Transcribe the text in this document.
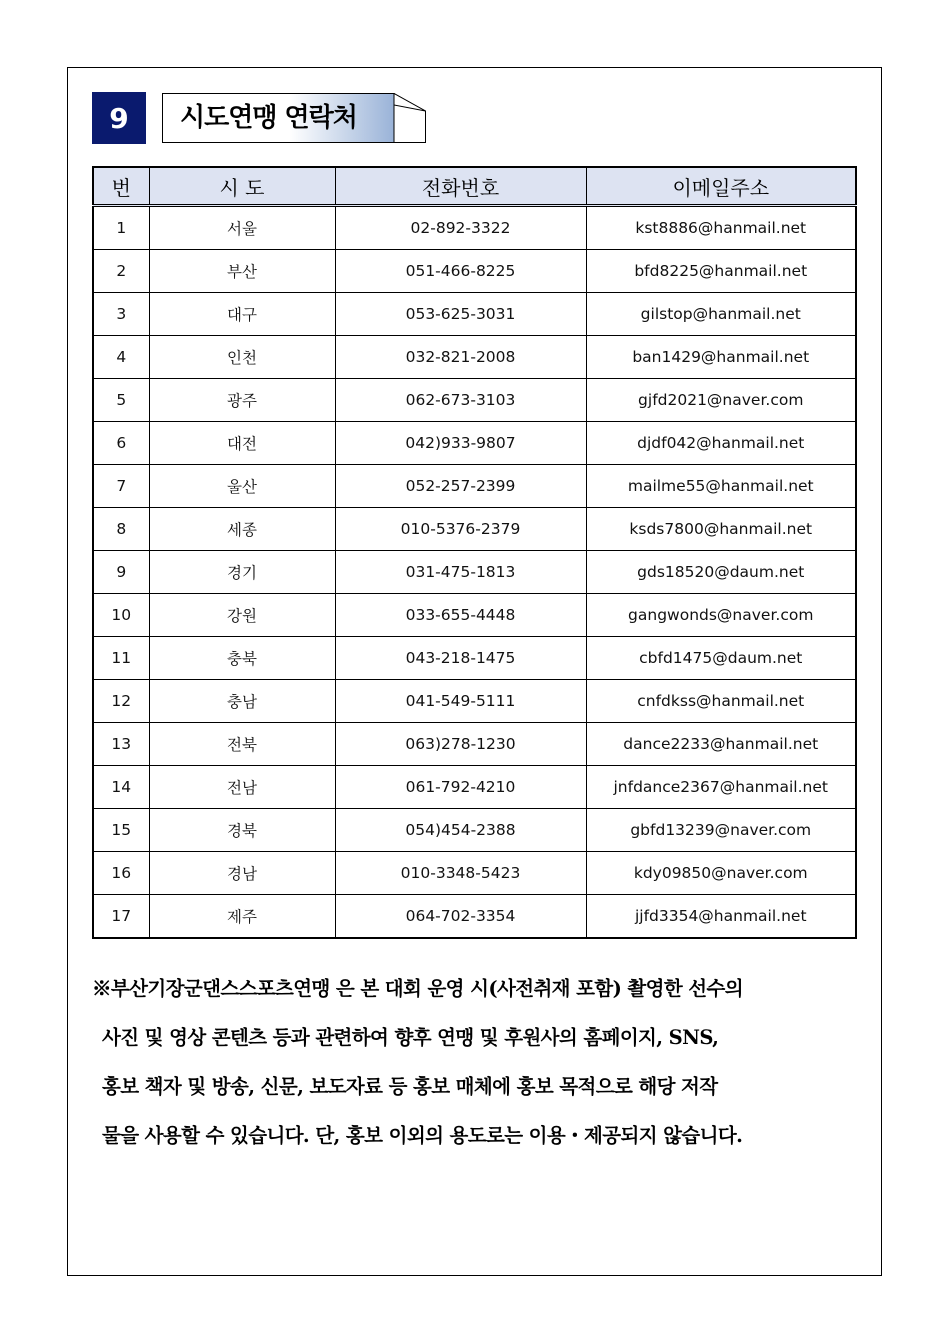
9 시도연맹 연락처
번	시 도	전화번호	이메일주소
1	서울	02-892-3322	kst8886@hanmail.net
2	부산	051-466-8225	bfd8225@hanmail.net
3	대구	053-625-3031	gilstop@hanmail.net
4	인천	032-821-2008	ban1429@hanmail.net
5	광주	062-673-3103	gjfd2021@naver.com
6	대전	042)933-9807	djdf042@hanmail.net
7	울산	052-257-2399	mailme55@hanmail.net
8	세종	010-5376-2379	ksds7800@hanmail.net
9	경기	031-475-1813	gds18520@daum.net
10	강원	033-655-4448	gangwonds@naver.com
11	충북	043-218-1475	cbfd1475@daum.net
12	충남	041-549-5111	cnfdkss@hanmail.net
13	전북	063)278-1230	dance2233@hanmail.net
14	전남	061-792-4210	jnfdance2367@hanmail.net
15	경북	054)454-2388	gbfd13239@naver.com
16	경남	010-3348-5423	kdy09850@naver.com
17	제주	064-702-3354	jjfd3354@hanmail.net

※부산기장군댄스스포츠연맹 은 본 대회 운영 시(사전취재 포함) 촬영한 선수의

사진 및 영상 콘텐츠 등과 관련하여 향후 연맹 및 후원사의 홈페이지, SNS,

홍보 책자 및 방송, 신문, 보도자료 등 홍보 매체에 홍보 목적으로 해당 저작

물을 사용할 수 있습니다. 단, 홍보 이외의 용도로는 이용・제공되지 않습니다.
